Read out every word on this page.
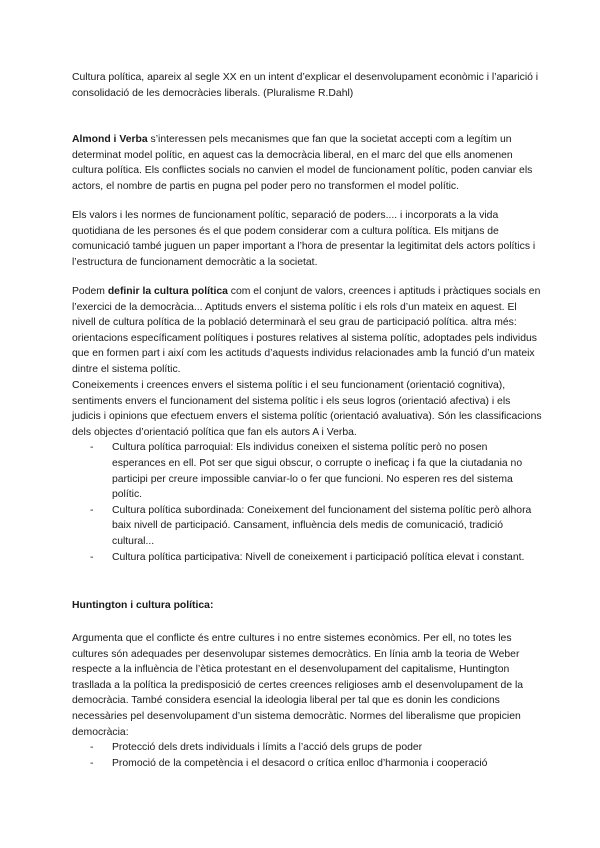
Cultura política, apareix al segle XX en un intent d’explicar el desenvolupament econòmic i l’aparició i consolidació de les democràcies liberals. (Pluralisme R.Dahl)

Almond i Verba s’interessen pels mecanismes que fan que la societat accepti com a legítim un determinat model polític, en aquest cas la democràcia liberal, en el marc del que ells anomenen cultura política. Els conflictes socials no canvien el model de funcionament polític, poden canviar els actors, el nombre de partis en pugna pel poder pero no transformen el model polític.

Els valors i les normes de funcionament polític, separació de poders.... i incorporats a la vida quotidiana de les persones és el que podem considerar com a cultura política. Els mitjans de comunicació també juguen un paper important a l’hora de presentar la legitimitat dels actors polítics i l’estructura de funcionament democràtic a la societat.

Podem definir la cultura política com el conjunt de valors, creences i aptituds i pràctiques socials en l’exercici de la democràcia... Aptituds envers el sistema polític i els rols d’un mateix en aquest. El nivell de cultura política de la població determinarà el seu grau de participació política. altra més: orientacions específicament polítiques i postures relatives al sistema polític, adoptades pels individus que en formen part i així com les actituds d’aquests individus relacionades amb la funció d’un mateix dintre el sistema polític.

Coneixements i creences envers el sistema polític i el seu funcionament (orientació cognitiva), sentiments envers el funcionament del sistema polític i els seus logros (orientació afectiva) i els judicis i opinions que efectuem envers el sistema polític (orientació avaluativa). Són les classificacions dels objectes d’orientació política que fan els autors A i Verba.

- Cultura política parroquial: Els individus coneixen el sistema polític però no posen esperances en ell. Pot ser que sigui obscur, o corrupte o ineficaç i fa que la ciutadania no participi per creure impossible canviar-lo o fer que funcioni. No esperen res del sistema polític.
- Cultura política subordinada: Coneixement del funcionament del sistema polític però alhora baix nivell de participació. Cansament, influència dels medis de comunicació, tradició cultural...
- Cultura política participativa: Nivell de coneixement i participació política elevat i constant.

Huntington i cultura política:

Argumenta que el conflicte és entre cultures i no entre sistemes econòmics. Per ell, no totes les cultures són adequades per desenvolupar sistemes democràtics. En línia amb la teoria de Weber respecte a la influència de l’ètica protestant en el desenvolupament del capitalisme, Huntington trasllada a la política la predisposició de certes creences religioses amb el desenvolupament de la democràcia. També considera esencial la ideologia liberal per tal que es donin les condicions necessàries pel desenvolupament d’un sistema democràtic. Normes del liberalisme que propicien democràcia:

- Protecció dels drets individuals i límits a l’acció dels grups de poder
- Promoció de la competència i el desacord o crítica enlloc d’harmonia i cooperació
